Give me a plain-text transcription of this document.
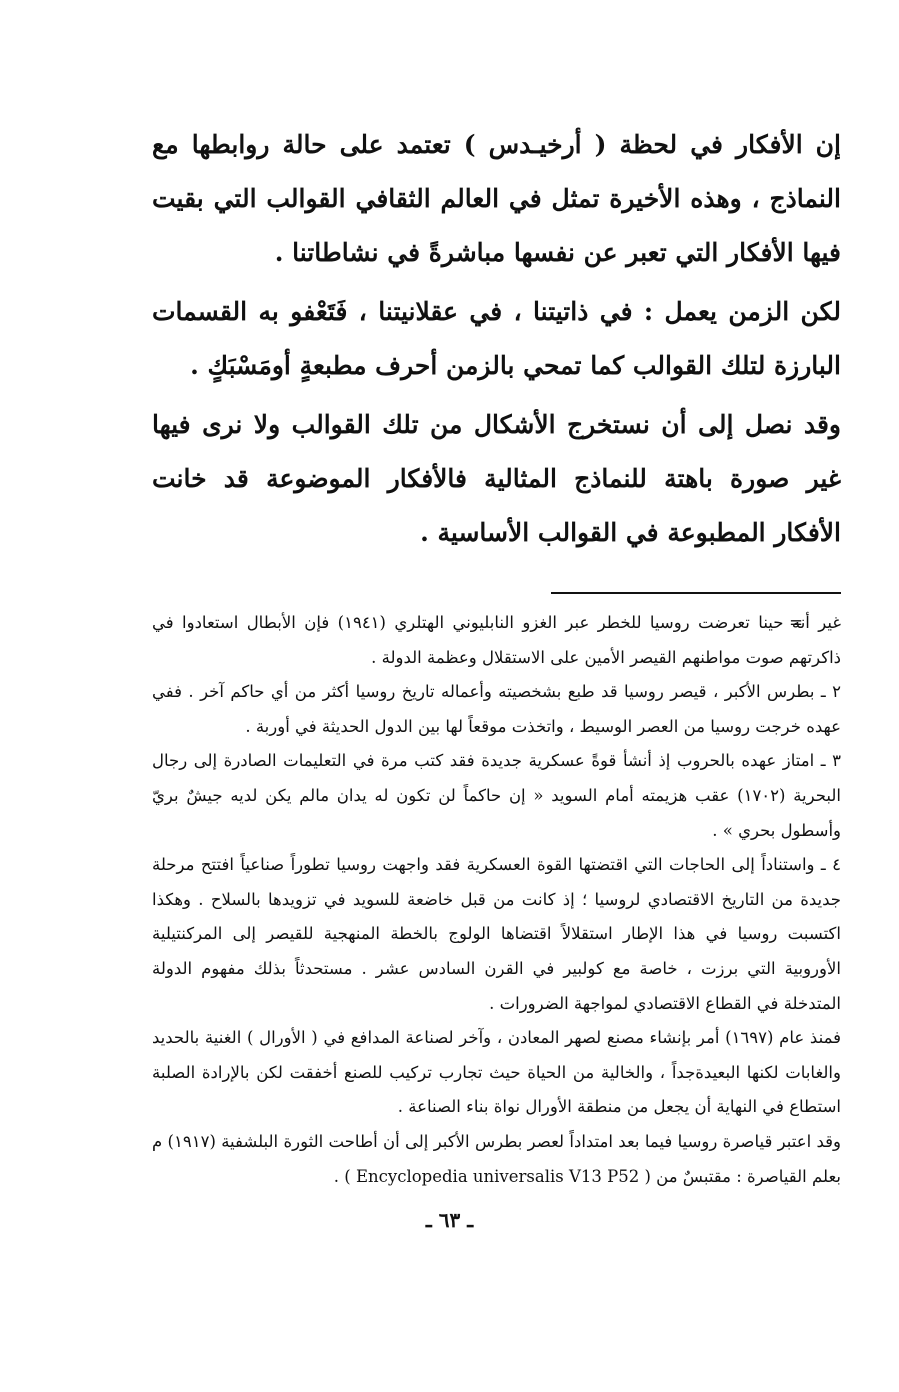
إن الأفكار في لحظة ( أرخيـدس ) تعتمد على حالة روابطها مع النماذج ، وهذه الأخيرة تمثل في العالم الثقافي القوالب التي بقيت فيها الأفكار التي تعبر عن نفسها مباشرةً في نشاطاتنا .

لكن الزمن يعمل : في ذاتيتنا ، في عقلانيتنا ، فَتَعْفو به القسمات البارزة لتلك القوالب كما تمحي بالزمن أحرف مطبعةٍ أومَسْبَكٍ .

وقد نصل إلى أن نستخرج الأشكال من تلك القوالب ولا نرى فيها غير صورة باهتة للنماذج المثالية فالأفكار الموضوعة قد خانت الأفكار المطبوعة في القوالب الأساسية .

= غير أنه حينا تعرضت روسيا للخطر عبر الغزو النابليوني الهتلري (١٩٤١) فإن الأبطال استعادوا في ذاكرتهم صوت مواطنهم القيصر الأمين على الاستقلال وعظمة الدولة .

٢ ـ بطرس الأكبر ، قيصر روسيا قد طبع بشخصيته وأعماله تاريخ روسيا أكثر من أي حاكم آخر . ففي عهده خرجت روسيا من العصر الوسيط ، واتخذت موقعاً لها بين الدول الحديثة في أوربة .

٣ ـ امتاز عهده بالحروب إذ أنشأ قوةً عسكرية جديدة فقد كتب مرة في التعليمات الصادرة إلى رجال البحرية (١٧٠٢) عقب هزيمته أمام السويد « إن حاكماً لن تكون له يدان مالم يكن لديه جيشٌ بريّ وأسطول بحري » .

٤ ـ واستناداً إلى الحاجات التي اقتضتها القوة العسكرية فقد واجهت روسيا تطوراً صناعياً افتتح مرحلة جديدة من التاريخ الاقتصادي لروسيا ؛ إذ كانت من قبل خاضعة للسويد في تزويدها بالسلاح . وهكذا اكتسبت روسيا في هذا الإطار استقلالاً اقتضاها الولوج بالخطة المنهجية للقيصر إلى المركنتيلية الأوروبية التي برزت ، خاصة مع كولبير في القرن السادس عشر . مستحدثاً بذلك مفهوم الدولة المتدخلة في القطاع الاقتصادي لمواجهة الضرورات .

فمنذ عام (١٦٩٧) أمر بإنشاء مصنع لصهر المعادن ، وآخر لصناعة المدافع في ( الأورال ) الغنية بالحديد والغابات لكنها البعيدةجداً ، والخالية من الحياة حيث تجارب تركيب للصنع أخفقت لكن بالإرادة الصلبة استطاع في النهاية أن يجعل من منطقة الأورال نواة بناء الصناعة .

وقد اعتبر قياصرة روسيا فيما بعد امتداداً لعصر بطرس الأكبر إلى أن أطاحت الثورة البلشفية (١٩١٧) م بعلم القياصرة : مقتبسٌ من ( Encyclopedia universalis V13 P52 ) .

ـ ٦٣ ـ
